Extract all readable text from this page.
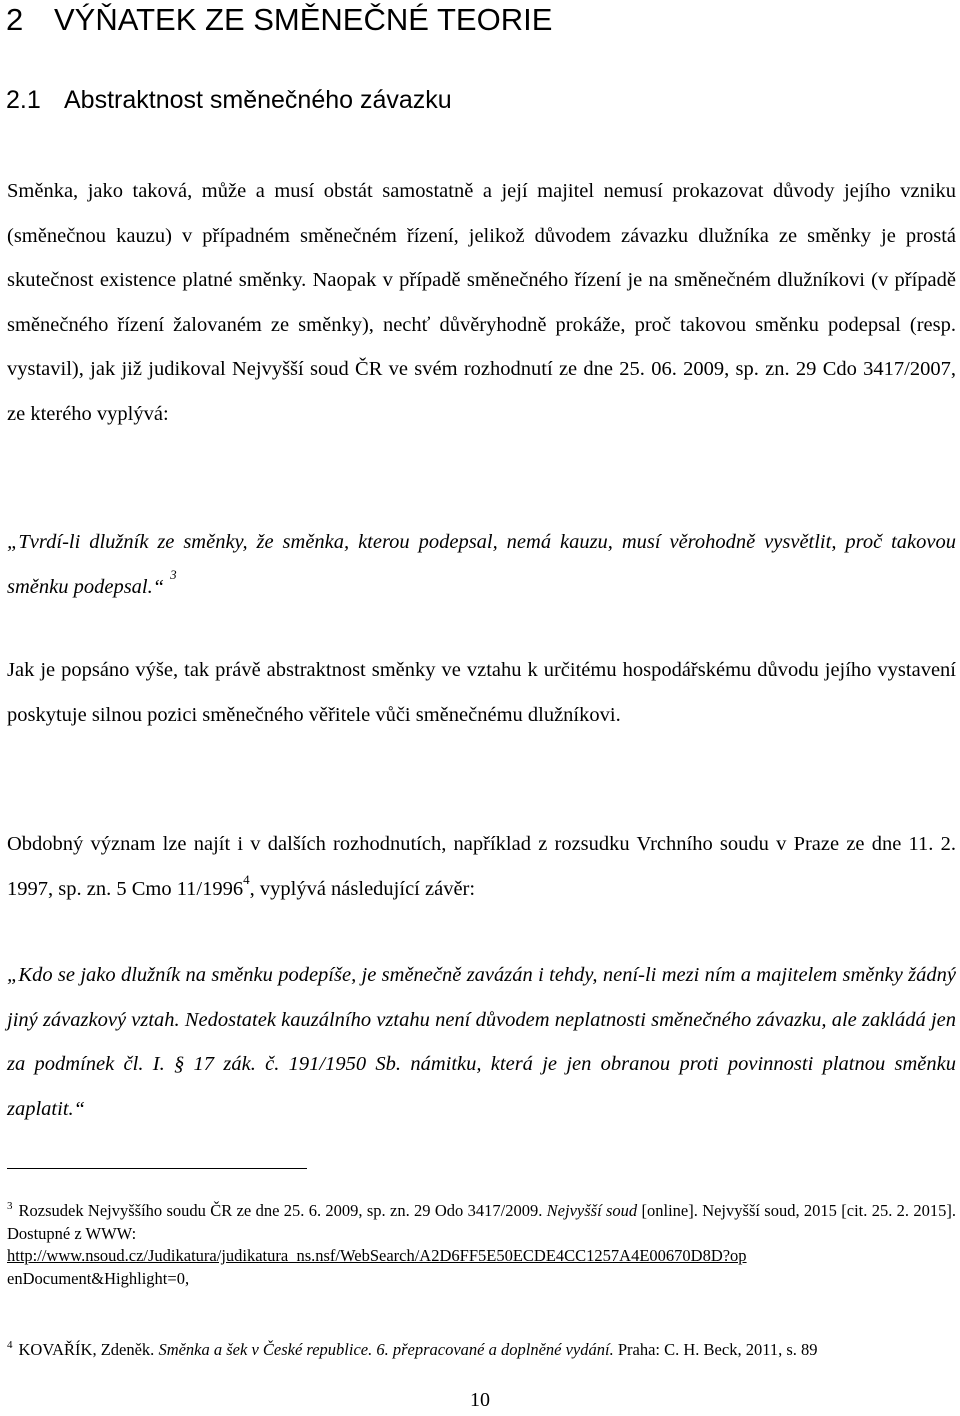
2 VÝŇATEK ZE SMĚNEČNÉ TEORIE
2.1 Abstraktnost směnečného závazku

Směnka, jako taková, může a musí obstát samostatně a její majitel nemusí prokazovat důvody jejího vzniku (směnečnou kauzu) v případném směnečném řízení, jelikož důvodem závazku dlužníka ze směnky je prostá skutečnost existence platné směnky. Naopak v případě směnečného řízení je na směnečném dlužníkovi (v případě směnečného řízení žalovaném ze směnky), nechť důvěryhodně prokáže, proč takovou směnku podepsal (resp. vystavil), jak již judikoval Nejvyšší soud ČR ve svém rozhodnutí ze dne 25. 06. 2009, sp. zn. 29 Cdo 3417/2007, ze kterého vyplývá:

„Tvrdí-li dlužník ze směnky, že směnka, kterou podepsal, nemá kauzu, musí věrohodně vysvětlit, proč takovou směnku podepsal.“$^3$

Jak je popsáno výše, tak právě abstraktnost směnky ve vztahu k určitému hospodářskému důvodu jejího vystavení poskytuje silnou pozici směnečného věřitele vůči směnečnému dlužníkovi.

Obdobný význam lze najít i v dalších rozhodnutích, například z rozsudku Vrchního soudu v Praze ze dne 11. 2. 1997, sp. zn. 5 Cmo 11/1996$^4$, vyplývá následující závěr:

„Kdo se jako dlužník na směnku podepíše, je směnečně zavázán i tehdy, není-li mezi ním a majitelem směnky žádný jiný závazkový vztah. Nedostatek kauzálního vztahu není důvodem neplatnosti směnečného závazku, ale zakládá jen za podmínek čl. I. § 17 zák. č. 191/1950 Sb. námitku, která je jen obranou proti povinnosti platnou směnku zaplatit.“

$^3$ Rozsudek Nejvyššího soudu ČR ze dne 25. 6. 2009, sp. zn. 29 Odo 3417/2009. Nejvyšší soud [online]. Nejvyšší soud, 2015 [cit. 25. 2. 2015]. Dostupné z WWW:
http://www.nsoud.cz/Judikatura/judikatura_ns.nsf/WebSearch/A2D6FF5E50ECDE4CC1257A4E00670D8D?op
enDocument&Highlight=0,

$^4$ KOVAŘÍK, Zdeněk. Směnka a šek v České republice. 6. přepracované a doplněné vydání. Praha: C. H. Beck, 2011, s. 89

10
